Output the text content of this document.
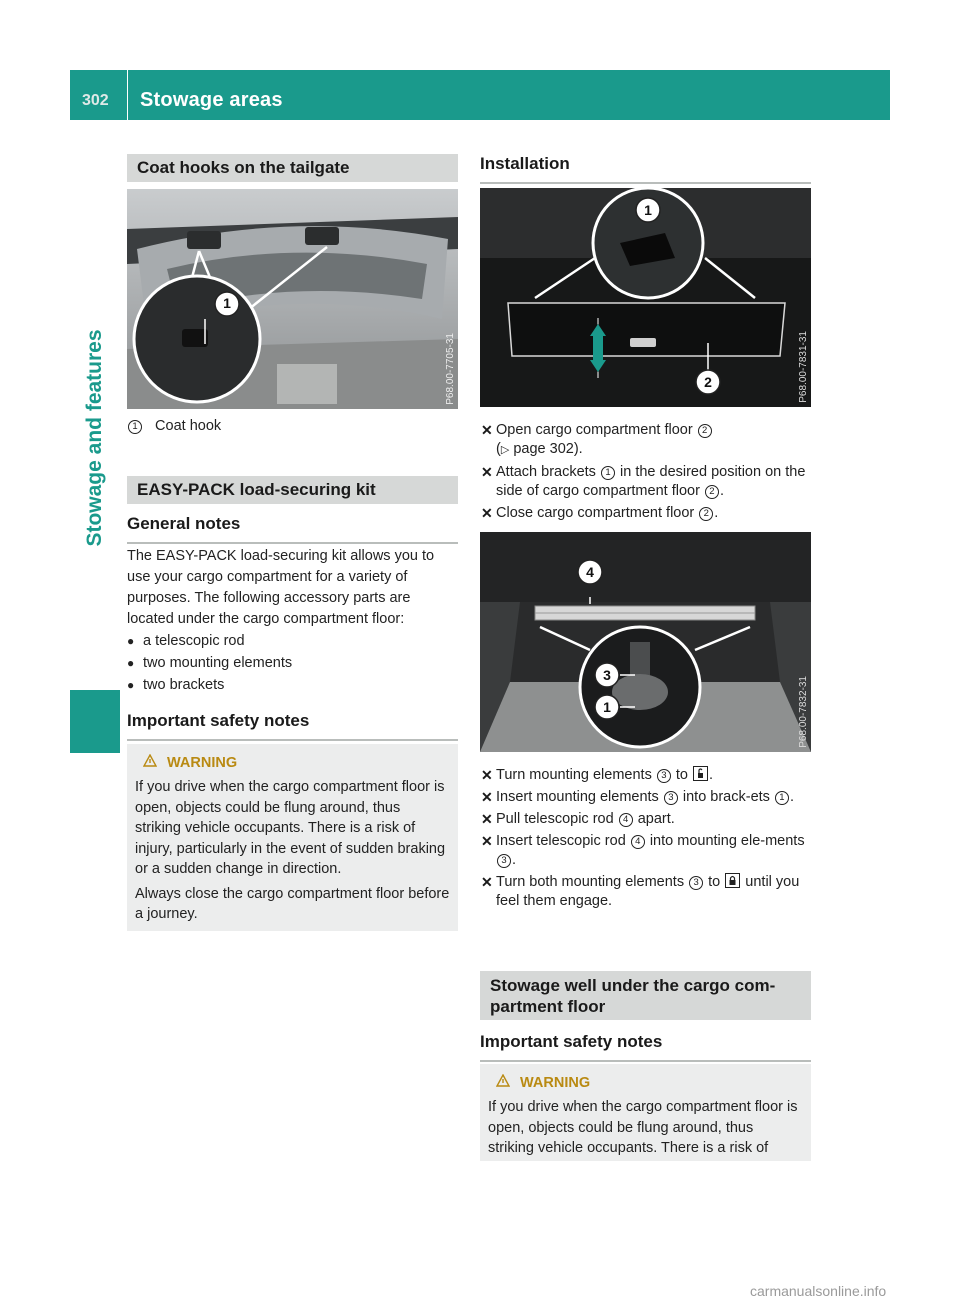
302 Stowage areas
Stowage and features
Coat hooks on the tailgate
1
P68.00-7705-31
1 Coat hook
EASY-PACK load-securing kit
General notes
The EASY-PACK load-securing kit allows you to use your cargo compartment for a variety of purposes. The following accessory parts are located under the cargo compartment floor:
● a telescopic rod
● two mounting elements
● two brackets
Important safety notes
WARNING
If you drive when the cargo compartment floor is open, objects could be flung around, thus striking vehicle occupants. There is a risk of injury, particularly in the event of sudden braking or a sudden change in direction.
Always close the cargo compartment floor before a journey.
Installation
1
2	P68.00-7831-31
✕ Open cargo compartment floor 2
(▷ page 302).
✕ Attach brackets 1 in the desired position on the side of cargo compartment floor 2 .
✕ Close cargo compartment floor 2 .
4
3
1	P68.00-7832-31
✕ Turn mounting elements 3 to .
✕ Insert mounting elements 3 into brack-ets 1 .
✕ Pull telescopic rod 4 apart.
✕ Insert telescopic rod 4 into mounting ele-ments 3 .
✕ Turn both mounting elements 3 to until you feel them engage.
Stowage well under the cargo com-partment floor
Important safety notes
WARNING
If you drive when the cargo compartment floor is open, objects could be flung around, thus striking vehicle occupants. There is a risk of
carmanualsonline.info
